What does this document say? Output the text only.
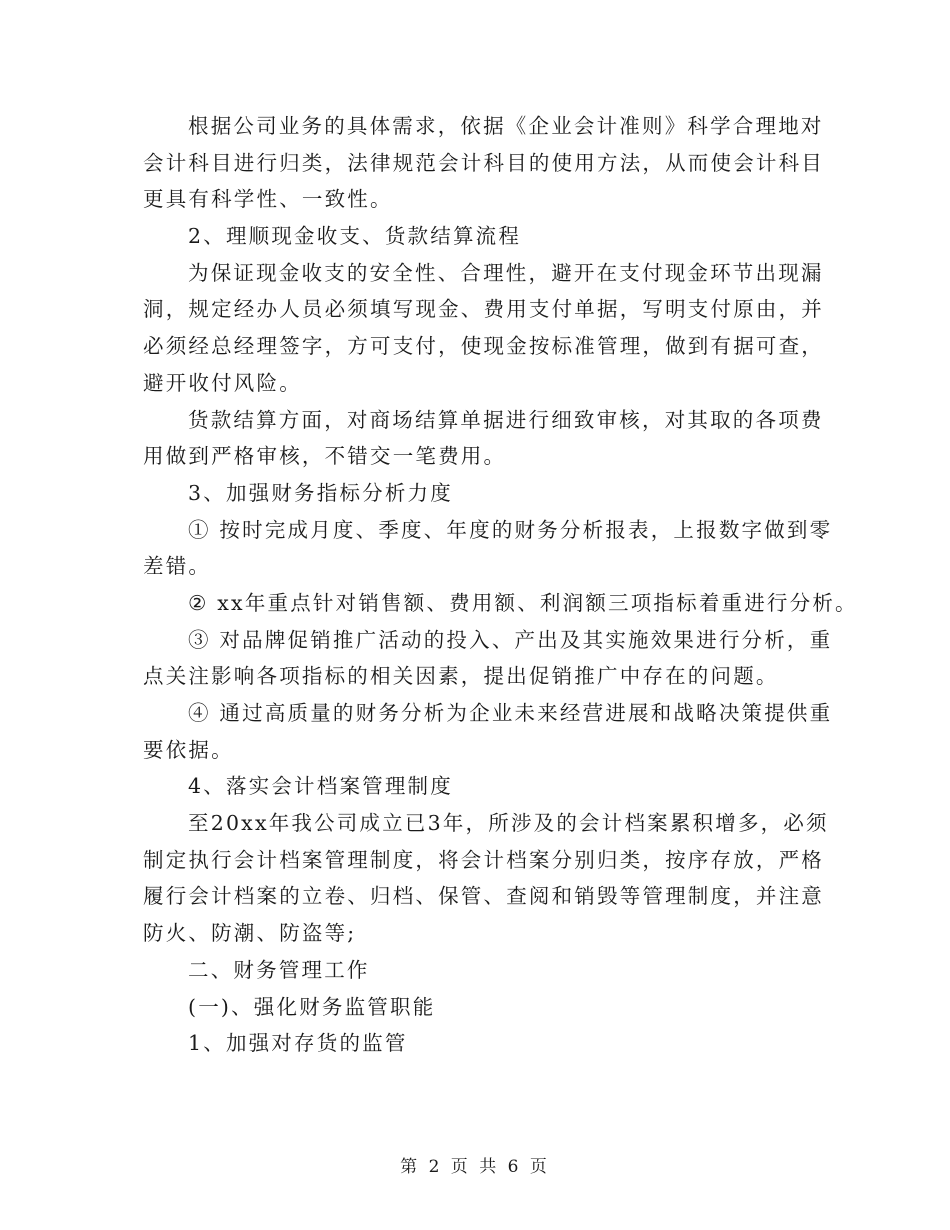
根据公司业务的具体需求，依据《企业会计准则》科学合理地对
会计科目进行归类，法律规范会计科目的使用方法，从而使会计科目
更具有科学性、一致性。
2、理顺现金收支、货款结算流程
为保证现金收支的安全性、合理性，避开在支付现金环节出现漏
洞，规定经办人员必须填写现金、费用支付单据，写明支付原由，并
必须经总经理签字，方可支付，使现金按标准管理，做到有据可查，
避开收付风险。
货款结算方面，对商场结算单据进行细致审核，对其取的各项费
用做到严格审核，不错交一笔费用。
3、加强财务指标分析力度
① 按时完成月度、季度、年度的财务分析报表，上报数字做到零
差错。
② xx年重点针对销售额、费用额、利润额三项指标着重进行分析。
③ 对品牌促销推广活动的投入、产出及其实施效果进行分析，重
点关注影响各项指标的相关因素，提出促销推广中存在的问题。
④ 通过高质量的财务分析为企业未来经营进展和战略决策提供重
要依据。
4、落实会计档案管理制度
至20xx年我公司成立已3年，所涉及的会计档案累积增多，必须
制定执行会计档案管理制度，将会计档案分别归类，按序存放，严格
履行会计档案的立卷、归档、保管、查阅和销毁等管理制度，并注意
防火、防潮、防盗等;
二、财务管理工作
(一)、强化财务监管职能
1、加强对存货的监管
第 2 页 共 6 页
